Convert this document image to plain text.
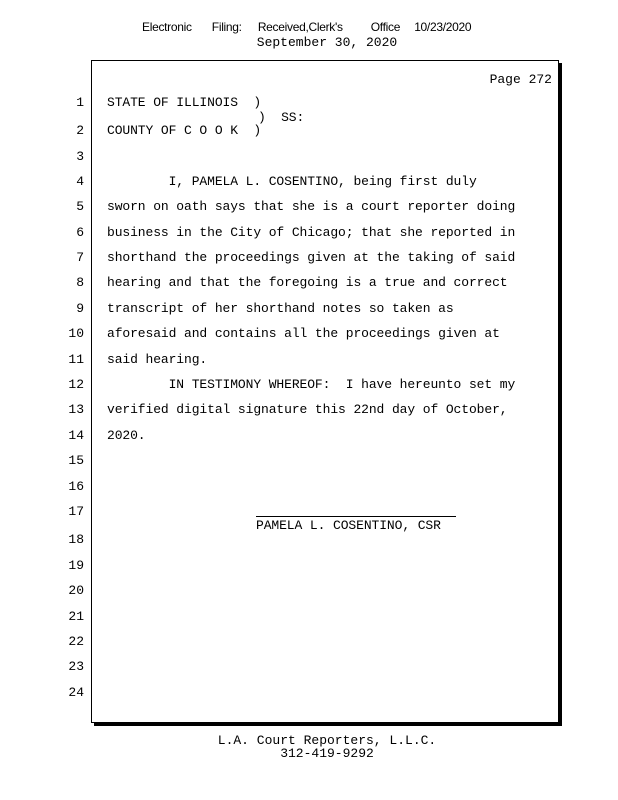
Electronic Filing: Received,Clerk's Office 10/23/2020
September 30, 2020
Page 272
1
2
3
4
5
6
7
8
9
10
11
12
13
14
15
16
17
18
19
20
21
22
23
24
STATE OF ILLINOIS  )
)  SS:
COUNTY OF C O O K  )
I, PAMELA L. COSENTINO, being first duly
sworn on oath says that she is a court reporter doing
business in the City of Chicago; that she reported in
shorthand the proceedings given at the taking of said
hearing and that the foregoing is a true and correct
transcript of her shorthand notes so taken as
aforesaid and contains all the proceedings given at
said hearing.
IN TESTIMONY WHEREOF:  I have hereunto set my
verified digital signature this 22nd day of October,
2020.
PAMELA L. COSENTINO, CSR
L.A. Court Reporters, L.L.C.
312-419-9292
